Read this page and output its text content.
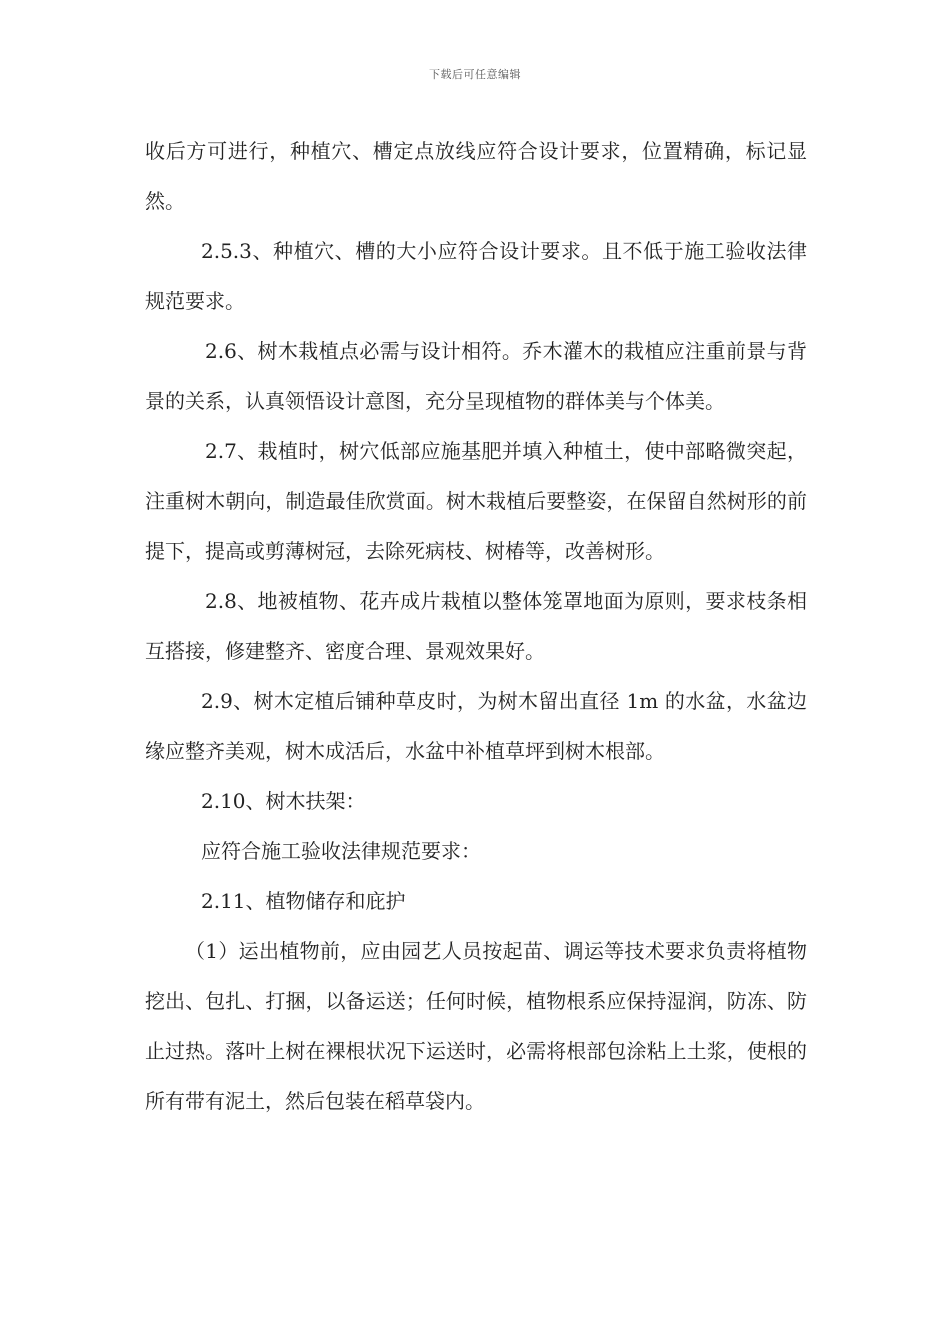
下载后可任意编辑

收后方可进行，种植穴、槽定点放线应符合设计要求，位置精确，标记显然。

2.5.3、种植穴、槽的大小应符合设计要求。且不低于施工验收法律规范要求。

2.6、树木栽植点必需与设计相符。乔木灌木的栽植应注重前景与背景的关系，认真领悟设计意图，充分呈现植物的群体美与个体美。

2.7、栽植时，树穴低部应施基肥并填入种植土，使中部略微突起，注重树木朝向，制造最佳欣赏面。树木栽植后要整姿，在保留自然树形的前提下，提高或剪薄树冠，去除死病枝、树椿等，改善树形。

2.8、地被植物、花卉成片栽植以整体笼罩地面为原则，要求枝条相互搭接，修建整齐、密度合理、景观效果好。

2.9、树木定植后铺种草皮时，为树木留出直径 1m 的水盆，水盆边缘应整齐美观，树木成活后，水盆中补植草坪到树木根部。

2.10、树木扶架：

应符合施工验收法律规范要求：

2.11、植物储存和庇护

（1）运出植物前，应由园艺人员按起苗、调运等技术要求负责将植物挖出、包扎、打捆，以备运送；任何时候，植物根系应保持湿润，防冻、防止过热。落叶上树在裸根状况下运送时，必需将根部包涂粘上土浆，使根的所有带有泥土，然后包装在稻草袋内。
